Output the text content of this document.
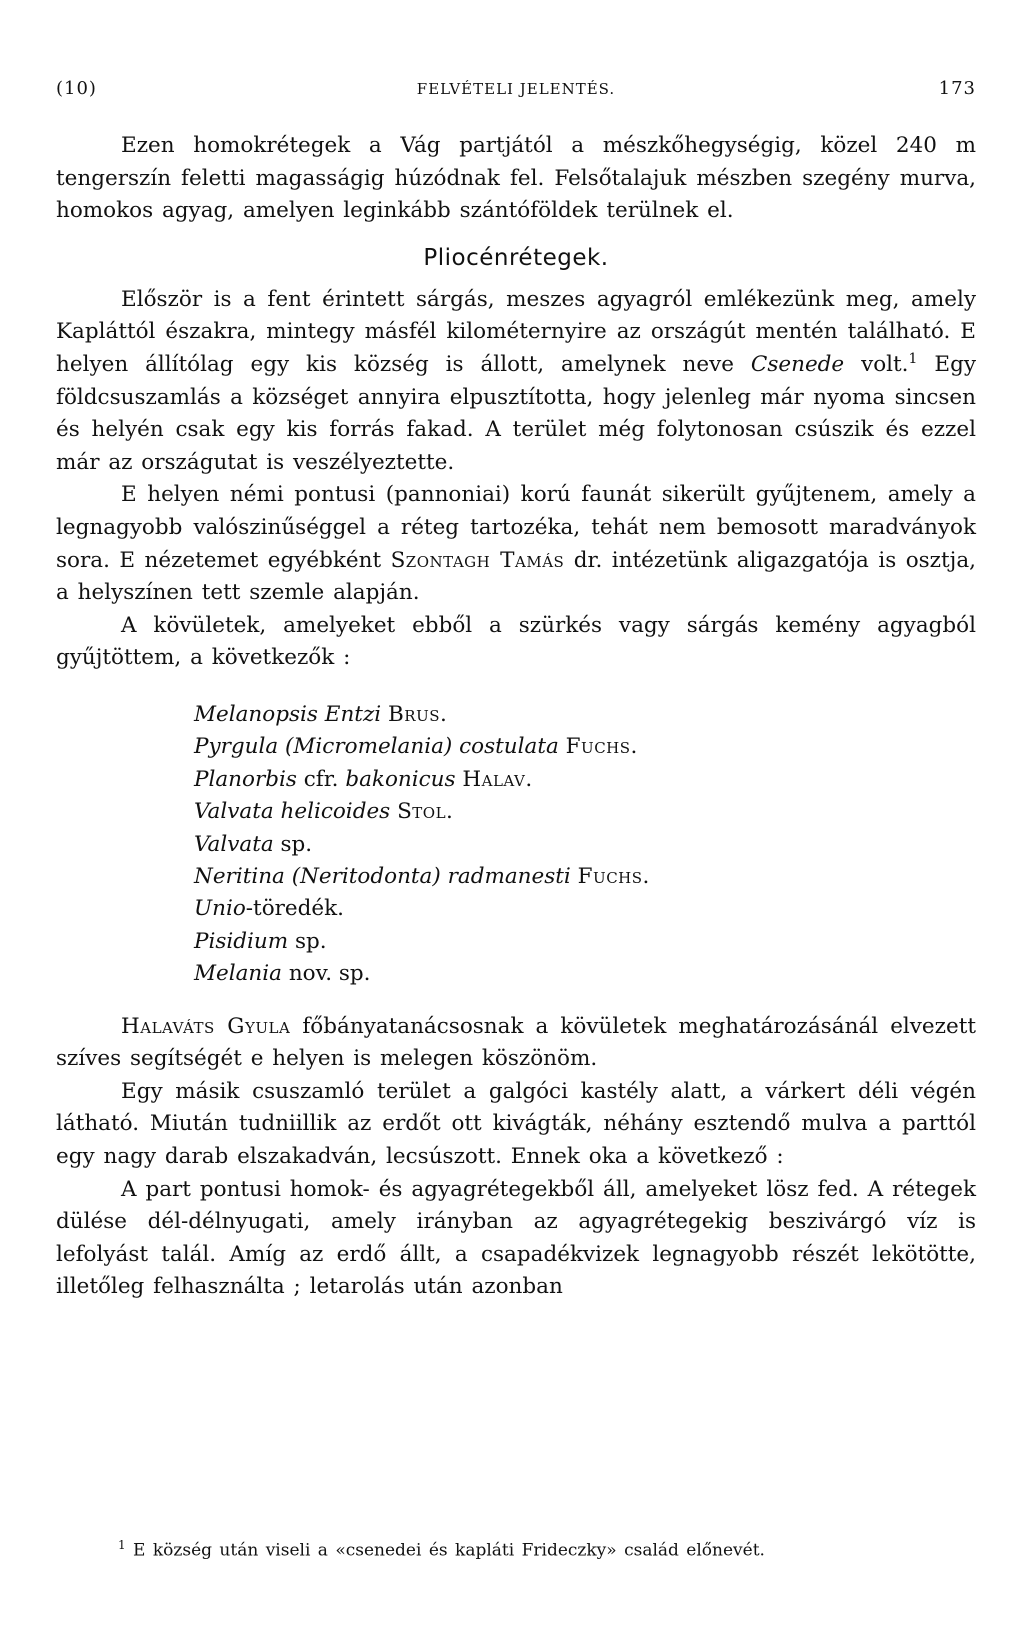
(10)	FELVÉTELI JELENTÉS.	173

Ezen homokrétegek a Vág partjától a mészkőhegységig, közel 240 m tengerszín feletti magasságig húzódnak fel. Felsőtalajuk mészben szegény murva, homokos agyag, amelyen leginkább szántóföldek terülnek el.

Pliocénrétegek.

Először is a fent érintett sárgás, meszes agyagról emlékezünk meg, amely Kapláttól északra, mintegy másfél kilométernyire az országút mentén található. E helyen állítólag egy kis község is állott, amelynek neve Csenede volt.$^1$ Egy földcsuszamlás a községet annyira elpusztította, hogy jelenleg már nyoma sincsen és helyén csak egy kis forrás fakad. A terület még folytonosan csúszik és ezzel már az országutat is veszélyeztette.

E helyen némi pontusi (pannoniai) korú faunát sikerült gyűjtenem, amely a legnagyobb valószinűséggel a réteg tartozéka, tehát nem bemosott maradványok sora. E nézetemet egyébként Szontagh Tamás dr. intézetünk aligazgatója is osztja, a helyszínen tett szemle alapján.

A kövületek, amelyeket ebből a szürkés vagy sárgás kemény agyagból gyűjtöttem, a következők :

Melanopsis Entzi Brus.
Pyrgula (Micromelania) costulata Fuchs.
Planorbis cfr. bakonicus Halav.
Valvata helicoides Stol.
Valvata sp.
Neritina (Neritodonta) radmanesti Fuchs.
Unio-töredék.
Pisidium sp.
Melania nov. sp.

Halaváts Gyula főbányatanácsosnak a kövületek meghatározásánál elvezett szíves segítségét e helyen is melegen köszönöm.

Egy másik csuszamló terület a galgóci kastély alatt, a várkert déli végén látható. Miután tudniillik az erdőt ott kivágták, néhány esztendő mulva a parttól egy nagy darab elszakadván, lecsúszott. Ennek oka a következő :

A part pontusi homok- és agyagrétegekből áll, amelyeket lösz fed. A rétegek dülése dél-délnyugati, amely irányban az agyagrétegekig beszivárgó víz is lefolyást talál. Amíg az erdő állt, a csapadékvizek legnagyobb részét lekötötte, illetőleg felhasználta ; letarolás után azonban

$^1$ E község után viseli a «csenedei és kapláti Frideczky» család előnevét.
